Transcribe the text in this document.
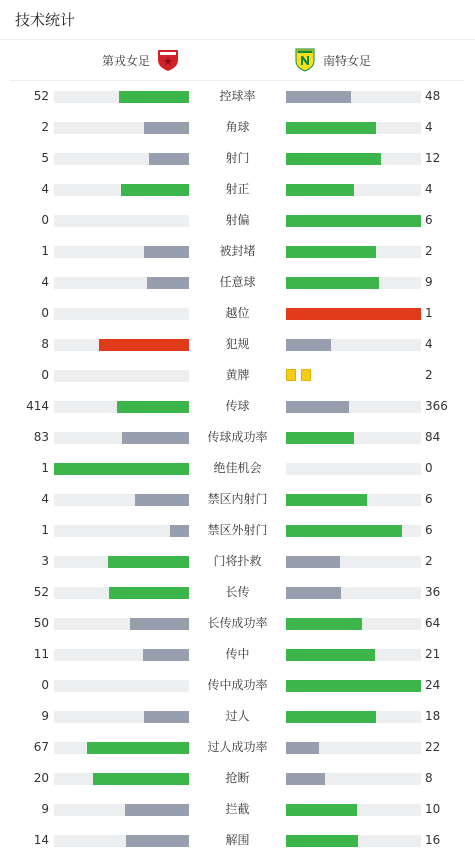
技术统计
第戎女足	南特女足
52	控球率	48
2	角球	4
5	射门	12
4	射正	4
0	射偏	6
1	被封堵	2
4	任意球	9
0	越位	1
8	犯规	4
0	黄牌	2
414	传球	366
83	传球成功率	84
1	绝佳机会	0
4	禁区内射门	6
1	禁区外射门	6
3	门将扑救	2
52	长传	36
50	长传成功率	64
11	传中	21
0	传中成功率	24
9	过人	18
67	过人成功率	22
20	抢断	8
9	拦截	10
14	解围	16
